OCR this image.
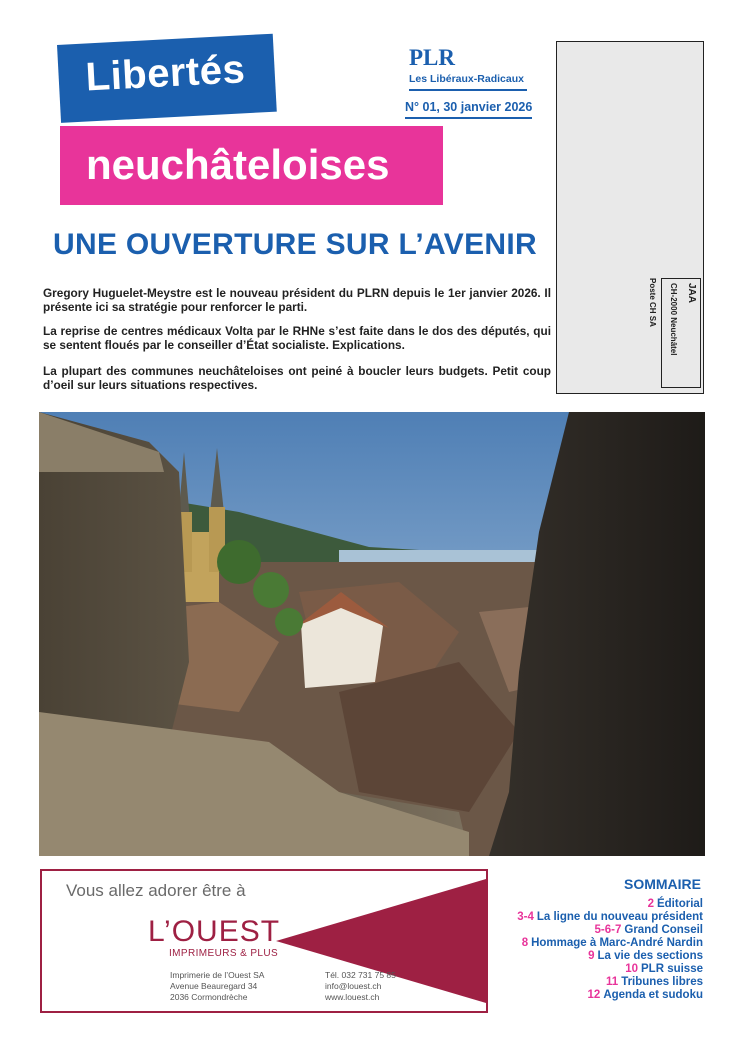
Libertés
neuchâteloises
PLR
Les Libéraux-Radicaux
N° 01, 30 janvier 2026
JAA
CH-2000 Neuchâtel
Poste CH SA
UNE OUVERTURE SUR L’AVENIR
Gregory Huguelet-Meystre est le nouveau président du PLRN depuis le 1er janvier 2026. Il présente ici sa stratégie pour renforcer le parti.
La reprise de centres médicaux Volta par le RHNe s’est faite dans le dos des députés, qui se sentent floués par le conseiller d’État socialiste. Explications.
La plupart des communes neuchâteloises ont peiné à boucler leurs budgets. Petit coup d’oeil sur leurs situations respectives.
Vous allez adorer être à
L’OUEST
IMPRIMEURS & PLUS
Imprimerie de l’Ouest SA
Avenue Beauregard 34
2036 Cormondrèche
Tél. 032 731 75 85
info@louest.ch
www.louest.ch
SOMMAIRE
2 Éditorial
3-4 La ligne du nouveau président
5-6-7 Grand Conseil
8 Hommage à Marc-André Nardin
9 La vie des sections
10 PLR suisse
11 Tribunes libres
12 Agenda et sudoku
